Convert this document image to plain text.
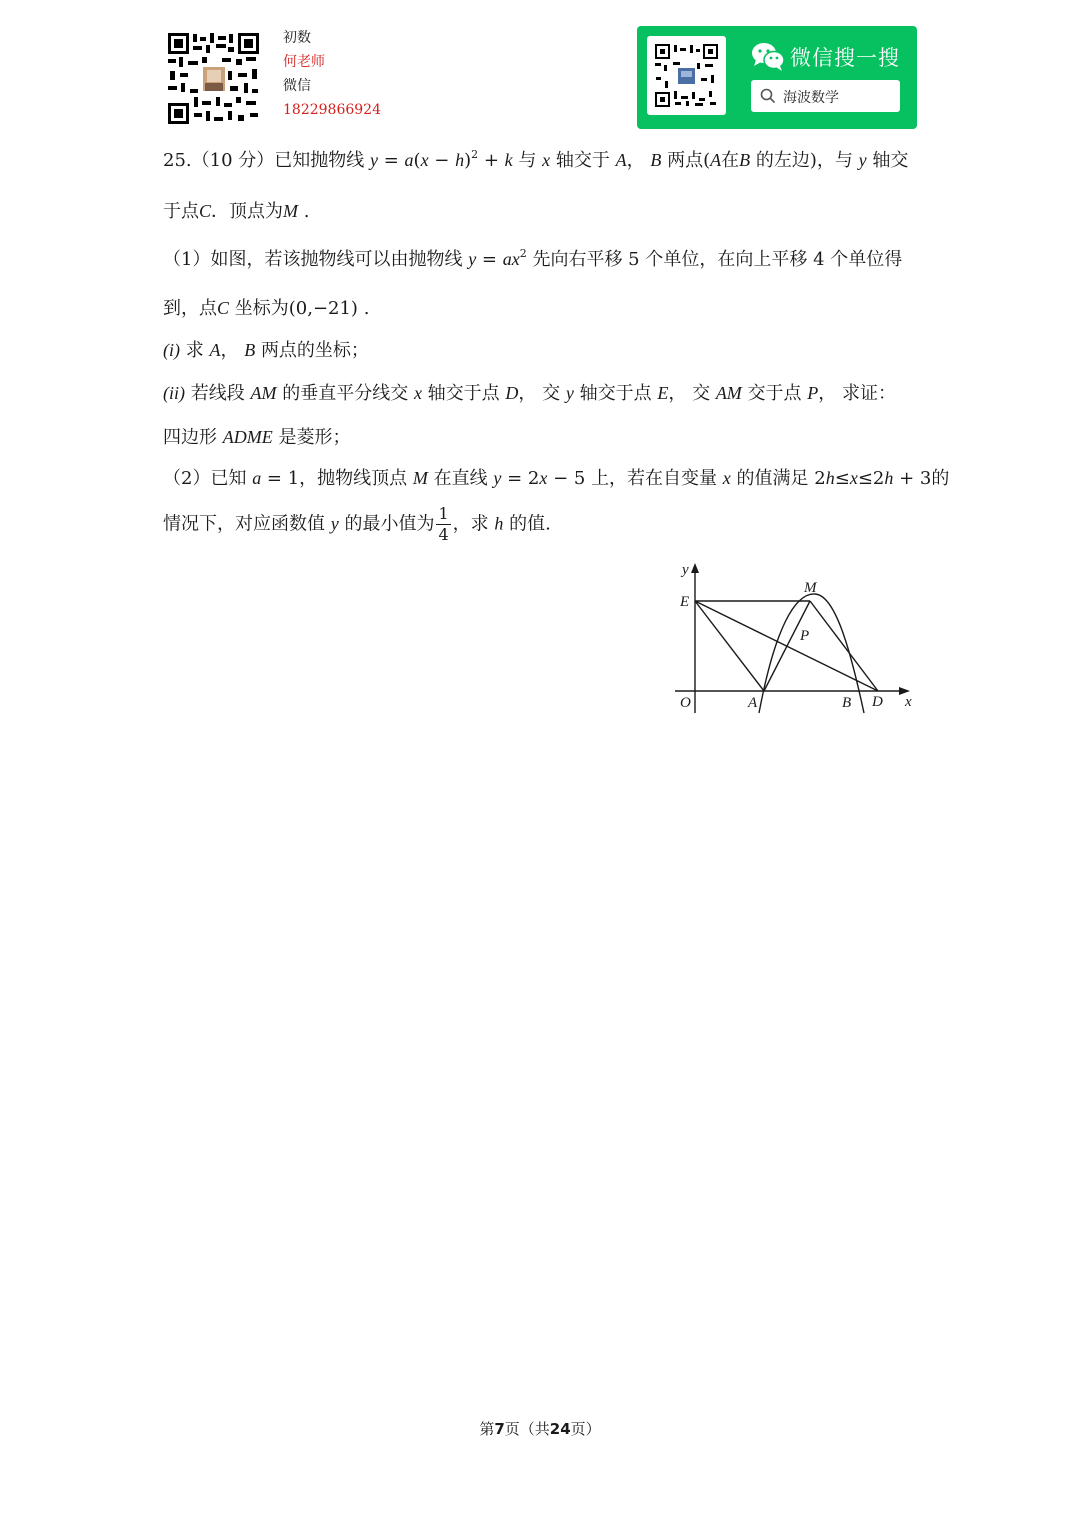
初数
何老师
微信
18229866924
微信搜一搜
海波数学
25.（10 分）已知抛物线 $y = a(x - h)^2 + k$ 与 x 轴交于 A， B 两点(A在B 的左边)，与 y 轴交
于点C．顶点为M .
（1）如图，若该抛物线可以由抛物线 $y = ax^2$ 先向右平移 5 个单位，在向上平移 4 个单位得
到，点C 坐标为(0,−21) .
(i) 求 A， B 两点的坐标；
(ii) 若线段 AM 的垂直平分线交 x 轴交于点 D， 交 y 轴交于点 E， 交 AM 交于点 P， 求证：
四边形 ADME 是菱形；
（2）已知 a = 1，抛物线顶点 M 在直线 y = 2x − 5 上，若在自变量 x 的值满足 2h≤x≤2h + 3的
情况下，对应函数值 y 的最小值为 $\frac{1}{4}$ ，求 h 的值.
y
x
O
E
M
P
A	B D
第7页（共24页）
